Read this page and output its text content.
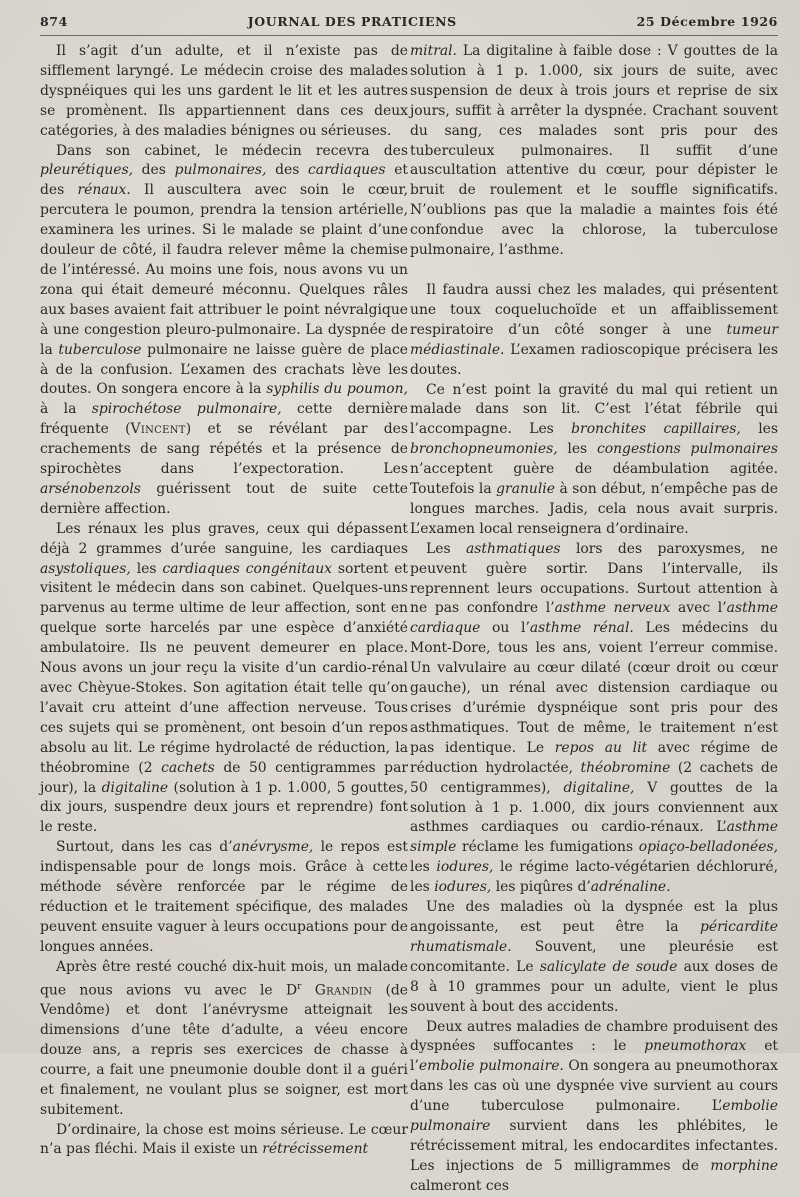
874	JOURNAL DES PRATICIENS	25 Décembre 1926

Il s’agit d’un adulte, et il n’existe pas de sifflement laryngé. Le médecin croise des malades dyspnéiques qui les uns gardent le lit et les autres se promènent. Ils appartiennent dans ces deux catégories, à des maladies bénignes ou sérieuses.

Dans son cabinet, le médecin recevra des pleurétiques, des pulmonaires, des cardiaques et des rénaux. Il auscultera avec soin le cœur, percutera le poumon, prendra la tension artérielle, examinera les urines. Si le malade se plaint d’une douleur de côté, il faudra relever même la chemise de l’intéressé. Au moins une fois, nous avons vu un zona qui était demeuré méconnu. Quelques râles aux bases avaient fait attribuer le point névralgique à une congestion pleuro-pulmonaire. La dyspnée de la tuberculose pulmonaire ne laisse guère de place à de la confusion. L’examen des crachats lève les doutes. On songera encore à la syphilis du poumon, à la spirochétose pulmonaire, cette dernière fréquente (Vincent) et se révélant par des crachements de sang répétés et la présence de spirochètes dans l’expectoration. Les arsénobenzols guérissent tout de suite cette dernière affection.

Les rénaux les plus graves, ceux qui dépassent déjà 2 grammes d’urée sanguine, les cardiaques asystoliques, les cardiaques congénitaux sortent et visitent le médecin dans son cabinet. Quelques-uns parvenus au terme ultime de leur affection, sont en quelque sorte harcelés par une espèce d’anxiété ambulatoire. Ils ne peuvent demeurer en place. Nous avons un jour reçu la visite d’un cardio-rénal avec Chèyue-Stokes. Son agitation était telle qu’on l’avait cru atteint d’une affection nerveuse. Tous ces sujets qui se promènent, ont besoin d’un repos absolu au lit. Le régime hydrolacté de réduction, la théobromine (2 cachets de 50 centigrammes par jour), la digitaline (solution à 1 p. 1.000, 5 gouttes, dix jours, suspendre deux jours et reprendre) font le reste.

Surtout, dans les cas d’anévrysme, le repos est indispensable pour de longs mois. Grâce à cette méthode sévère renforcée par le régime de réduction et le traitement spécifique, des malades peuvent ensuite vaguer à leurs occupations pour de longues années.

Après être resté couché dix-huit mois, un malade que nous avions vu avec le $D^r$ Grandin (de Vendôme) et dont l’anévrysme atteignait les dimensions d’une tête d’adulte, a véeu encore douze ans, a repris ses exercices de chasse à courre, a fait une pneumonie double dont il a guéri et finalement, ne voulant plus se soigner, est mort subitement.

D’ordinaire, la chose est moins sérieuse. Le cœur n’a pas fléchi. Mais il existe un rétrécissement

mitral. La digitaline à faible dose : V gouttes de la solution à 1 p. 1.000, six jours de suite, avec suspension de deux à trois jours et reprise de six jours, suffit à arrêter la dyspnée. Crachant souvent du sang, ces malades sont pris pour des tuberculeux pulmonaires. Il suffit d’une auscultation attentive du cœur, pour dépister le bruit de roulement et le souffle significatifs. N’oublions pas que la maladie a maintes fois été confondue avec la chlorose, la tuberculose pulmonaire, l’asthme.

Il faudra aussi chez les malades, qui présentent une toux coqueluchoïde et un affaiblissement respiratoire d’un côté songer à une tumeur médiastinale. L’examen radioscopique précisera les doutes.

Ce n’est point la gravité du mal qui retient un malade dans son lit. C’est l’état fébrile qui l’accompagne. Les bronchites capillaires, les bronchopneumonies, les congestions pulmonaires n’acceptent guère de déambulation agitée. Toutefois la granulie à son début, n’empêche pas de longues marches. Jadis, cela nous avait surpris. L’examen local renseignera d’ordinaire.

Les asthmatiques lors des paroxysmes, ne peuvent guère sortir. Dans l’intervalle, ils reprennent leurs occupations. Surtout attention à ne pas confondre l’asthme nerveux avec l’asthme cardiaque ou l’asthme rénal. Les médecins du Mont-Dore, tous les ans, voient l’erreur commise. Un valvulaire au cœur dilaté (cœur droit ou cœur gauche), un rénal avec distension cardiaque ou crises d’urémie dyspnéique sont pris pour des asthmatiques. Tout de même, le traitement n’est pas identique. Le repos au lit avec régime de réduction hydrolactée, théobromine (2 cachets de 50 centigrammes), digitaline, V gouttes de la solution à 1 p. 1.000, dix jours conviennent aux asthmes cardiaques ou cardio-rénaux. L’asthme simple réclame les fumigations opiaço-belladonées, les iodures, le régime lacto-végétarien déchloruré, les iodures, les piqûres d’adrénaline.

Une des maladies où la dyspnée est la plus angoissante, est peut être la péricardite rhumatismale. Souvent, une pleurésie est concomitante. Le salicylate de soude aux doses de 8 à 10 grammes pour un adulte, vient le plus souvent à bout des accidents.

Deux autres maladies de chambre produisent des dyspnées suffocantes : le pneumothorax et l’embolie pulmonaire. On songera au pneumothorax dans les cas où une dyspnée vive survient au cours d’une tuberculose pulmonaire. L’embolie pulmonaire survient dans les phlébites, le rétrécissement mitral, les endocardites infectantes. Les injections de 5 milligrammes de morphine calmeront ces
